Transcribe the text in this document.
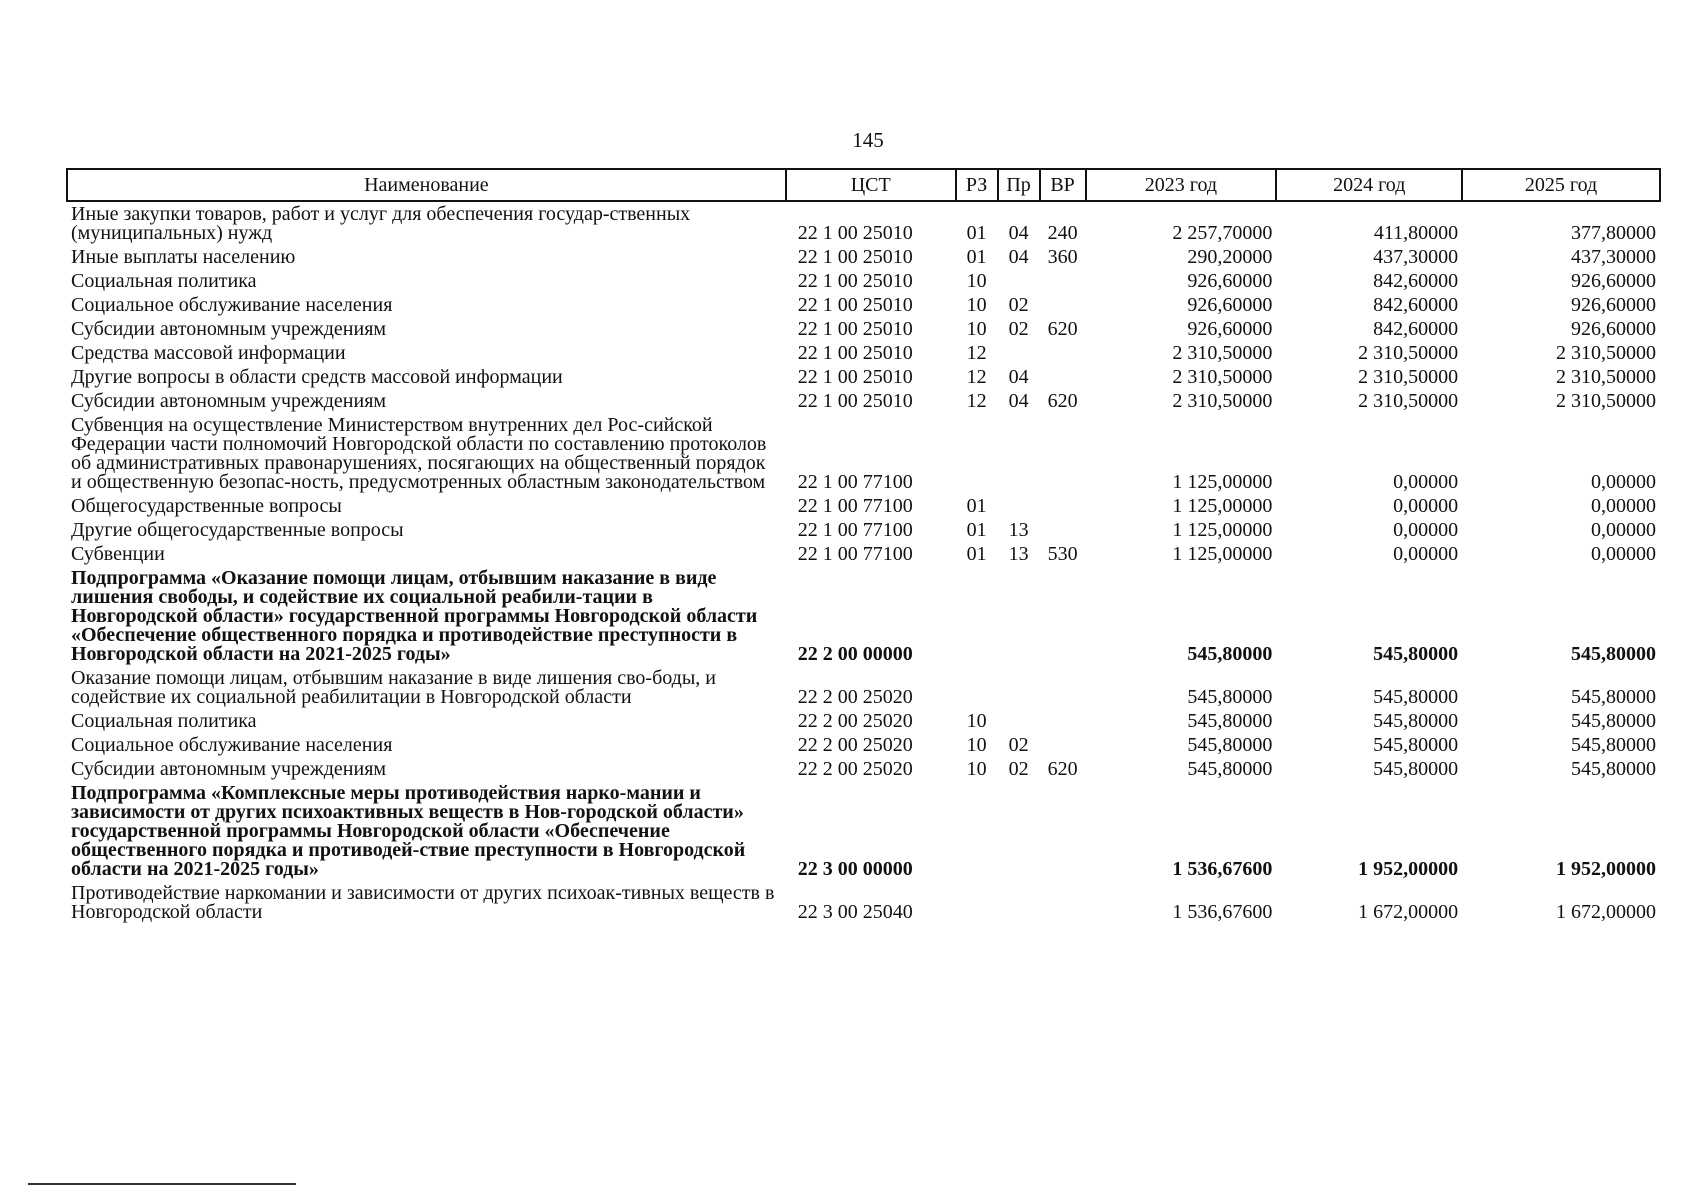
145
Наименование	ЦСТ	РЗ	Пр	ВР	2023 год	2024 год	2025 год
Иные закупки товаров, работ и услуг для обеспечения государ-ственных (муниципальных) нужд	22 1 00 25010	01	04	240	2 257,70000	411,80000	377,80000
Иные выплаты населению	22 1 00 25010	01	04	360	290,20000	437,30000	437,30000
Социальная политика	22 1 00 25010	10			926,60000	842,60000	926,60000
Социальное обслуживание населения	22 1 00 25010	10	02		926,60000	842,60000	926,60000
Субсидии автономным учреждениям	22 1 00 25010	10	02	620	926,60000	842,60000	926,60000
Средства массовой информации	22 1 00 25010	12			2 310,50000	2 310,50000	2 310,50000
Другие вопросы в области средств массовой информации	22 1 00 25010	12	04		2 310,50000	2 310,50000	2 310,50000
Субсидии автономным учреждениям	22 1 00 25010	12	04	620	2 310,50000	2 310,50000	2 310,50000
Субвенция на осуществление Министерством внутренних дел Рос-сийской Федерации части полномочий Новгородской области по составлению протоколов об административных правонарушениях, посягающих на общественный порядок и общественную безопас-ность, предусмотренных областным законодательством	22 1 00 77100				1 125,00000	0,00000	0,00000
Общегосударственные вопросы	22 1 00 77100	01			1 125,00000	0,00000	0,00000
Другие общегосударственные вопросы	22 1 00 77100	01	13		1 125,00000	0,00000	0,00000
Субвенции	22 1 00 77100	01	13	530	1 125,00000	0,00000	0,00000
Подпрограмма «Оказание помощи лицам, отбывшим наказание в виде лишения свободы, и содействие их социальной реабили-тации в Новгородской области» государственной программы Новгородской области «Обеспечение общественного порядка и противодействие преступности в Новгородской области на 2021-2025 годы»	22 2 00 00000				545,80000	545,80000	545,80000
Оказание помощи лицам, отбывшим наказание в виде лишения сво-боды, и содействие их социальной реабилитации в Новгородской области	22 2 00 25020				545,80000	545,80000	545,80000
Социальная политика	22 2 00 25020	10			545,80000	545,80000	545,80000
Социальное обслуживание населения	22 2 00 25020	10	02		545,80000	545,80000	545,80000
Субсидии автономным учреждениям	22 2 00 25020	10	02	620	545,80000	545,80000	545,80000
Подпрограмма «Комплексные меры противодействия нарко-мании и зависимости от других психоактивных веществ в Нов-городской области» государственной программы Новгородской области «Обеспечение общественного порядка и противодей-ствие преступности в Новгородской области на 2021-2025 годы»	22 3 00 00000				1 536,67600	1 952,00000	1 952,00000
Противодействие наркомании и зависимости от других психоак-тивных веществ в Новгородской области	22 3 00 25040				1 536,67600	1 672,00000	1 672,00000
